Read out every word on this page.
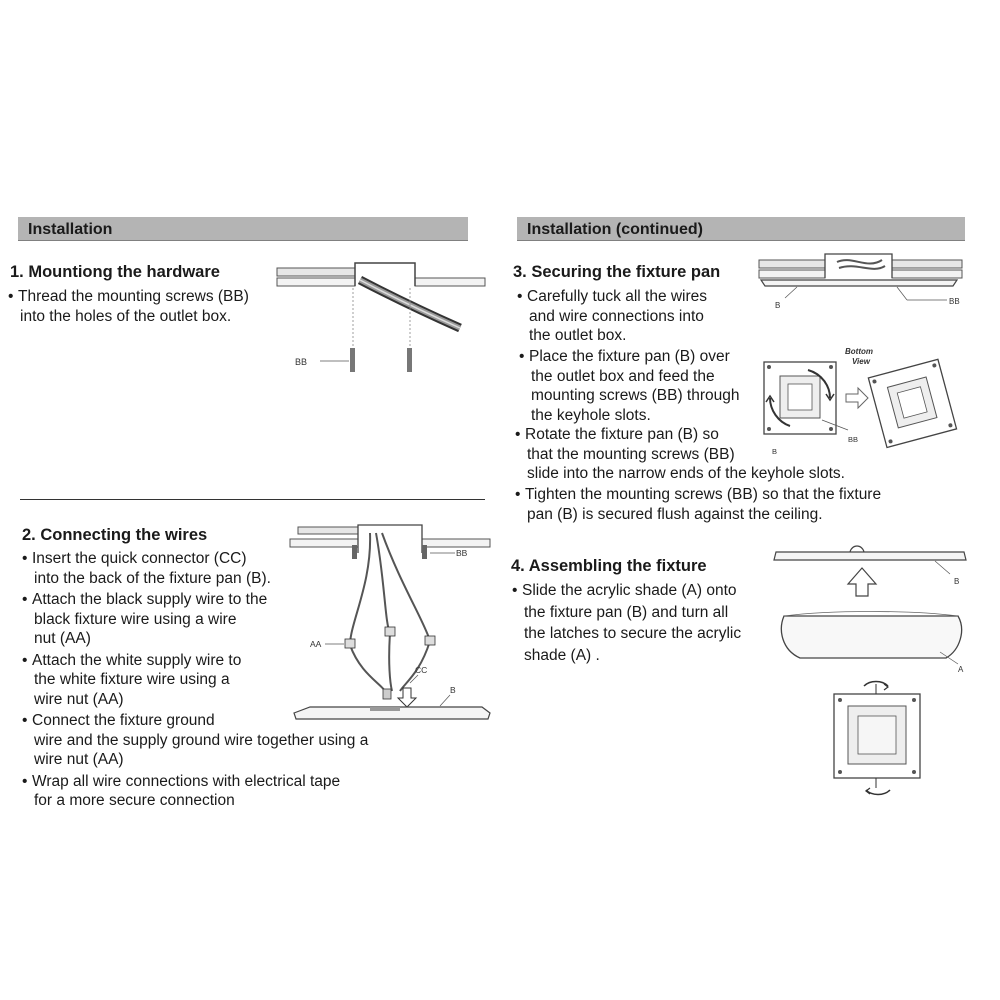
Installation	Installation (continued)
1. Mountiong the hardware
• Thread the mounting screws (BB)
into the holes of the outlet box.
BB
2. Connecting the wires
• Insert the quick connector (CC)
into the back of the fixture pan (B).
• Attach the black supply wire to the
black fixture wire using a wire
nut (AA)
• Attach the white supply wire to
the white fixture wire using a
wire nut (AA)
• Connect the fixture ground
wire and the supply ground wire together using a
wire nut (AA)
• Wrap all wire connections with electrical tape
for a more secure connection
BB
AA
CC
B
3. Securing the fixture pan
• Carefully tuck all the wires
and wire connections into
the outlet box.
• Place the fixture pan (B) over
the outlet box and feed the
mounting screws (BB) through
the keyhole slots.
• Rotate the fixture pan (B) so
that the mounting screws (BB)
slide into the narrow ends of the keyhole slots.
• Tighten the mounting screws (BB) so that the fixture
pan (B) is secured flush against the ceiling.
B	BB
B
BB
Bottom
View
4. Assembling the fixture
• Slide the acrylic shade (A) onto
the fixture pan (B) and turn all
the latches to secure the acrylic
shade (A) .
B
A
